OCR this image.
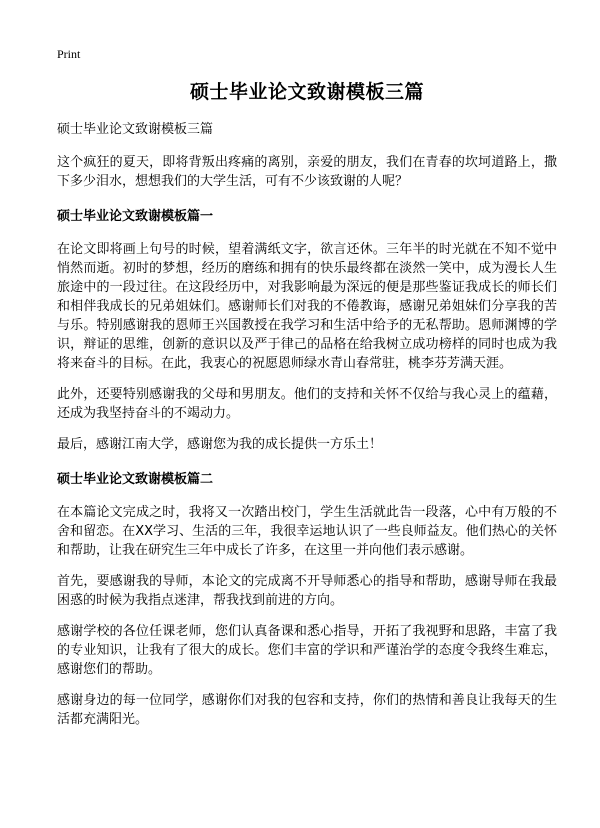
Print
硕士毕业论文致谢模板三篇

硕士毕业论文致谢模板三篇

这个疯狂的夏天，即将背叛出疼痛的离别，亲爱的朋友，我们在青春的坎坷道路上，撒下多少泪水，想想我们的大学生活，可有不少该致谢的人呢？

硕士毕业论文致谢模板篇一

在论文即将画上句号的时候，望着满纸文字，欲言还休。三年半的时光就在不知不觉中悄然而逝。初时的梦想，经历的磨练和拥有的快乐最终都在淡然一笑中，成为漫长人生旅途中的一段过往。在这段经历中，对我影响最为深远的便是那些鉴证我成长的师长们和相伴我成长的兄弟姐妹们。感谢师长们对我的不倦教诲，感谢兄弟姐妹们分享我的苦与乐。特别感谢我的恩师王兴国教授在我学习和生活中给予的无私帮助。恩师渊博的学识，辩证的思维，创新的意识以及严于律己的品格在给我树立成功榜样的同时也成为我将来奋斗的目标。在此，我衷心的祝愿恩师绿水青山春常驻，桃李芬芳满天涯。

此外，还要特别感谢我的父母和男朋友。他们的支持和关怀不仅给与我心灵上的蕴藉，还成为我坚持奋斗的不竭动力。

最后，感谢江南大学，感谢您为我的成长提供一方乐土！

硕士毕业论文致谢模板篇二

在本篇论文完成之时，我将又一次踏出校门，学生生活就此告一段落，心中有万般的不舍和留恋。在XX学习、生活的三年，我很幸运地认识了一些良师益友。他们热心的关怀和帮助，让我在研究生三年中成长了许多，在这里一并向他们表示感谢。

首先，要感谢我的导师，本论文的完成离不开导师悉心的指导和帮助，感谢导师在我最困惑的时候为我指点迷津，帮我找到前进的方向。

感谢学校的各位任课老师，您们认真备课和悉心指导，开拓了我视野和思路，丰富了我的专业知识，让我有了很大的成长。您们丰富的学识和严谨治学的态度令我终生难忘，感谢您们的帮助。

感谢身边的每一位同学，感谢你们对我的包容和支持，你们的热情和善良让我每天的生活都充满阳光。
